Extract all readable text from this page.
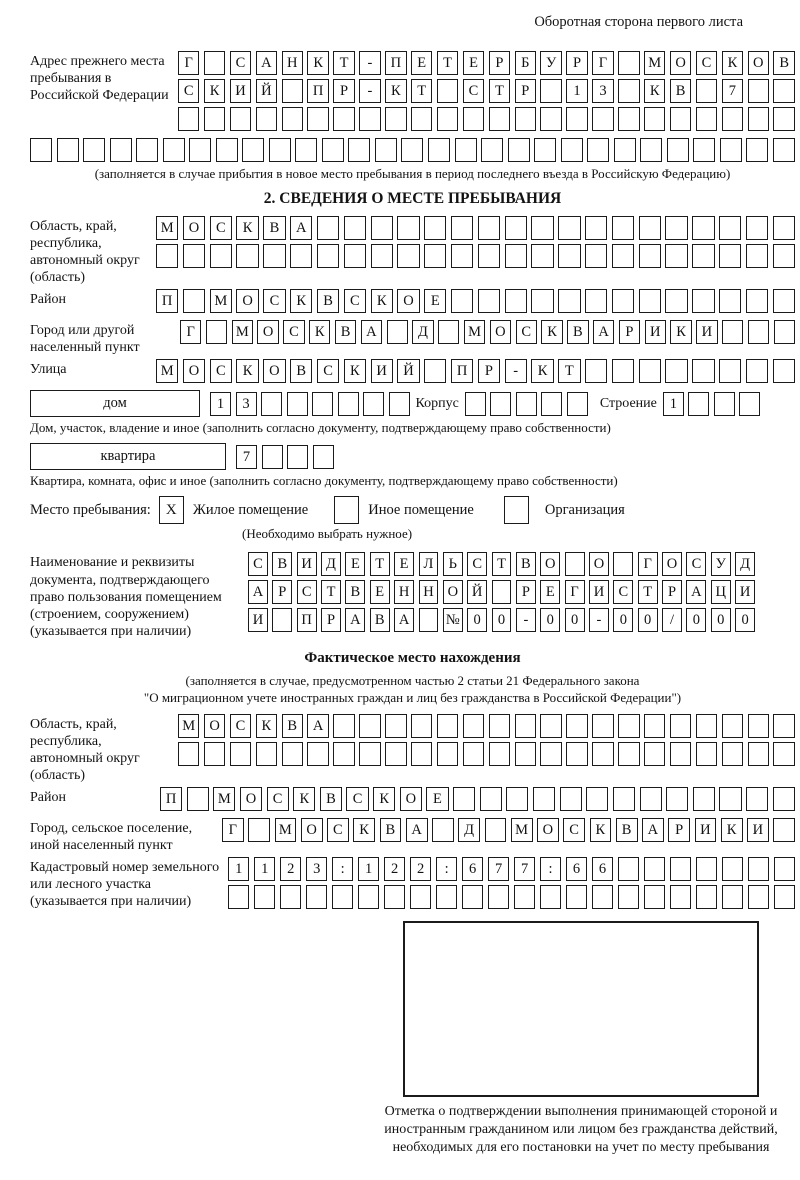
Оборотная сторона первого листа
Адрес прежнего места пребывания в Российской Федерации
Г	С	А	Н	К	Т	-	П	Е	Т	Е	Р	Б	У	Р	Г	М О	С	К	О	В
С	К	И	Й	П	Р	-	К	Т	С	Т	Р	1	3	К	В	7
(заполняется в случае прибытия в новое место пребывания в период последнего въезда в Российскую Федерацию)
2. СВЕДЕНИЯ О МЕСТЕ ПРЕБЫВАНИЯ
Область, край, республика, автономный округ (область)
М	О	С	К	В	А
Район	П	М	О	С	К	В	С	К	О	Е
Город или другой населенный пункт
Г	М О	С	К	В	А	Д	М О	С	К	В	А	Р	И	К	И
Улица	М	О	С	К	О	В	С	К	И	Й	П	Р	-	К	Т
дом	1	3	Корпус	Строение 1
Дом, участок, владение и иное (заполнить согласно документу, подтверждающему право собственности)
квартира	7
Квартира, комната, офис и иное (заполнить согласно документу, подтверждающему право собственности)
Место пребывания:	X	Жилое помещение	Иное помещение	Организация
(Необходимо выбрать нужное)
Наименование и реквизиты документа, подтверждающего право пользования помещением (строением, сооружением) (указывается при наличии)
С	В И Д	Е	Т	Е	Л	Ь	С	Т	В О	О	Г	О С У Д
А	Р	С	Т	В	Е	Н Н О Й	Р	Е	Г	И С	Т	Р	А Ц И
И	П	Р	А В А	№ 0	0	-	0	0	-	0	0	/	0	0	0
Фактическое место нахождения
(заполняется в случае, предусмотренном частью 2 статьи 21 Федерального закона
"О миграционном учете иностранных граждан и лиц без гражданства в Российской Федерации")
Область, край, республика, автономный округ (область)
М О	С	К	В	А
Район	П	М	О	С	К	В	С	К	О	Е
Город, сельское поселение, иной населенный пункт
Г	М	О	С	К	В	А	Д	М	О	С	К	В	А	Р	И	К	И
Кадастровый номер земельного или лесного участка (указывается при наличии)
1	1	2	3	:	1	2	2	:	6	7	7	:	6	6
Отметка о подтверждении выполнения принимающей стороной и иностранным гражданином или лицом без гражданства действий, необходимых для его постановки на учет по месту пребывания
